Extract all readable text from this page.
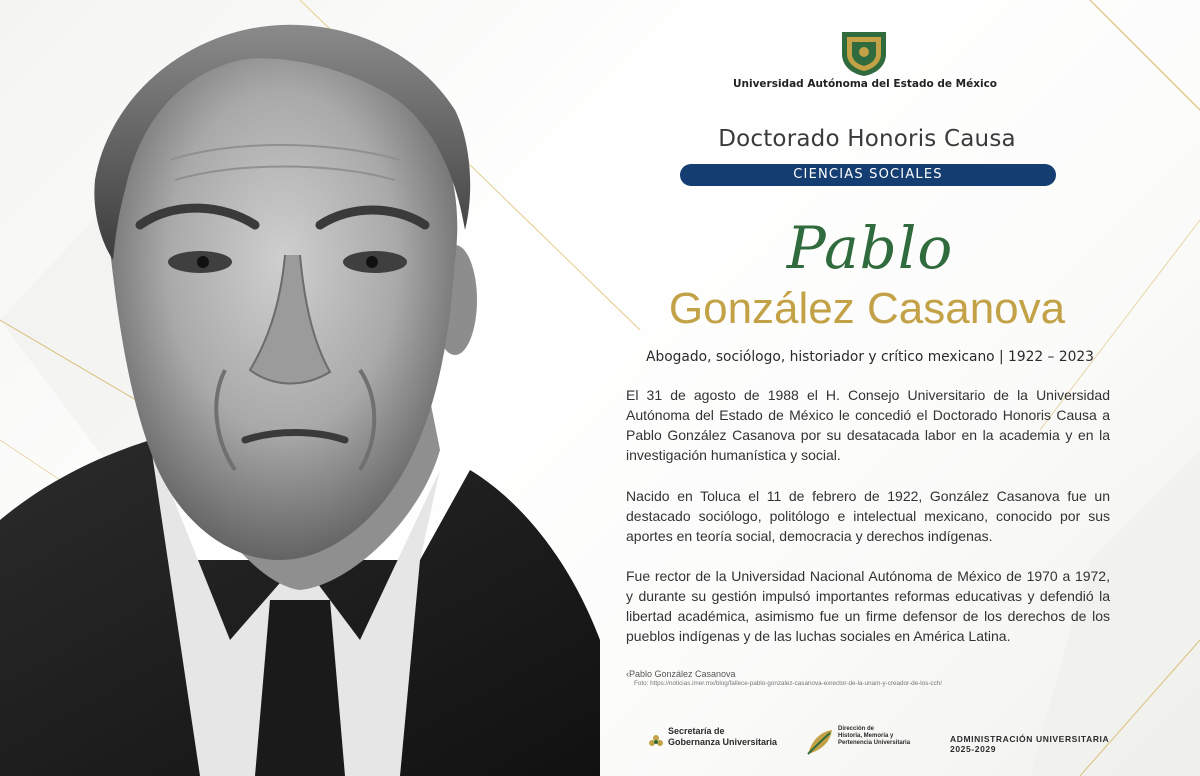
Universidad Autónoma del Estado de México
Doctorado Honoris Causa
CIENCIAS SOCIALES
Pablo
González Casanova
Abogado, sociólogo, historiador y crítico mexicano | 1922 – 2023

El 31 de agosto de 1988 el H. Consejo Universitario de la Universidad Autónoma del Estado de México le concedió el Doctorado Honoris Causa a Pablo González Casanova por su desatacada labor en la academia y en la investigación humanística y social.

Nacido en Toluca el 11 de febrero de 1922, González Casanova fue un destacado sociólogo, politólogo e intelectual mexicano, conocido por sus aportes en teoría social, democracia y derechos indígenas.

Fue rector de la Universidad Nacional Autónoma de México de 1970 a 1972, y durante su gestión impulsó importantes reformas educativas y defendió la libertad académica, asimismo fue un firme defensor de los derechos de los pueblos indígenas y de las luchas sociales en América Latina.

‹Pablo González Casanova
Foto: https://noticias.imer.mx/blog/fallece-pablo-gonzalez-casanova-exrector-de-la-unam-y-creador-de-los-cch/
Secretaría de
Gobernanza Universitaria
Dirección de
Historia, Memoria y
Pertenencia Universitaria	ADMINISTRACIÓN UNIVERSITARIA
2025-2029
